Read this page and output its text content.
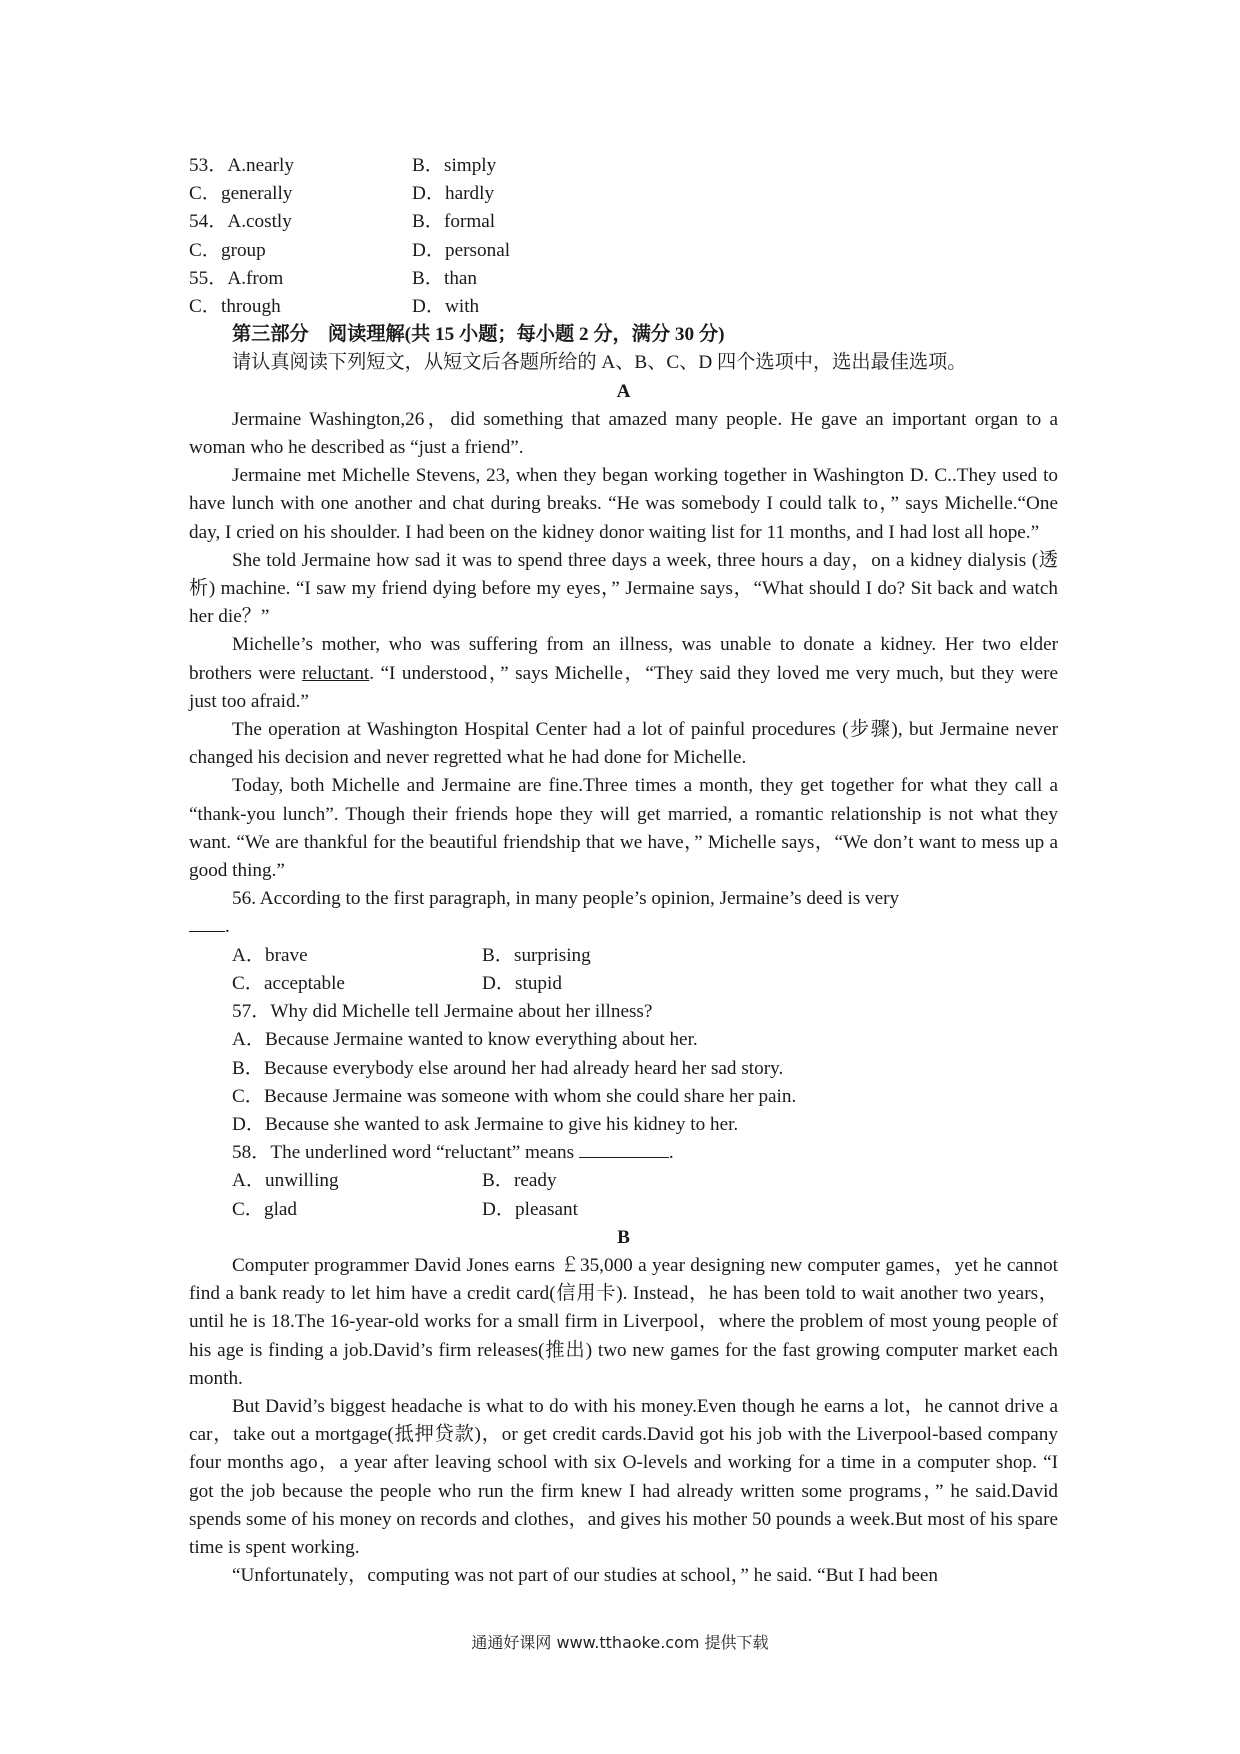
53．A.nearly	B．simply
C．generally	D．hardly
54．A.costly	B．formal
C．group	D．personal
55．A.from	B．than
C．through	D．with
第三部分　阅读理解(共 15 小题；每小题 2 分，满分 30 分)
请认真阅读下列短文，从短文后各题所给的 A、B、C、D 四个选项中，选出最佳选项。
A

Jermaine Washington,26，did something that amazed many people. He gave an important organ to a woman who he described as “just a friend”.

Jermaine met Michelle Stevens, 23, when they began working together in Washington D. C..They used to have lunch with one another and chat during breaks. “He was somebody I could talk to，” says Michelle.“One day, I cried on his shoulder. I had been on the kidney donor waiting list for 11 months, and I had lost all hope.”

She told Jermaine how sad it was to spend three days a week, three hours a day，on a kidney dialysis (透析) machine. “I saw my friend dying before my eyes，” Jermaine says，“What should I do? Sit back and watch her die？”

Michelle’s mother, who was suffering from an illness, was unable to donate a kidney. Her two elder brothers were reluctant. “I understood，” says Michelle，“They said they loved me very much, but they were just too afraid.”

The operation at Washington Hospital Center had a lot of painful procedures (步骤), but Jermaine never changed his decision and never regretted what he had done for Michelle.

Today, both Michelle and Jermaine are fine.Three times a month, they get together for what they call a “thank-you lunch”. Though their friends hope they will get married, a romantic relationship is not what they want. “We are thankful for the beautiful friendship that we have，” Michelle says，“We don’t want to mess up a good thing.”

56. According to the first paragraph, in many people’s opinion, Jermaine’s deed is very

.
A．brave	B．surprising
C．acceptable	D．stupid
57．Why did Michelle tell Jermaine about her illness?
A．Because Jermaine wanted to know everything about her.
B．Because everybody else around her had already heard her sad story.
C．Because Jermaine was someone with whom she could share her pain.
D．Because she wanted to ask Jermaine to give his kidney to her.
58．The underlined word “reluctant” means	.
A．unwilling	B．ready
C．glad	D．pleasant
B

Computer programmer David Jones earns ￡35,000 a year designing new computer games，yet he cannot find a bank ready to let him have a credit card(信用卡). Instead，he has been told to wait another two years，until he is 18.The 16-year-old works for a small firm in Liverpool，where the problem of most young people of his age is finding a job.David’s firm releases(推出) two new games for the fast growing computer market each month.

But David’s biggest headache is what to do with his money.Even though he earns a lot，he cannot drive a car，take out a mortgage(抵押贷款)，or get credit cards.David got his job with the Liverpool-based company four months ago，a year after leaving school with six O-levels and working for a time in a computer shop. “I got the job because the people who run the firm knew I had already written some programs，” he said.David spends some of his money on records and clothes，and gives his mother 50 pounds a week.But most of his spare time is spent working.

“Unfortunately，computing was not part of our studies at school，” he said. “But I had been

通通好课网 www.tthaoke.com 提供下载
